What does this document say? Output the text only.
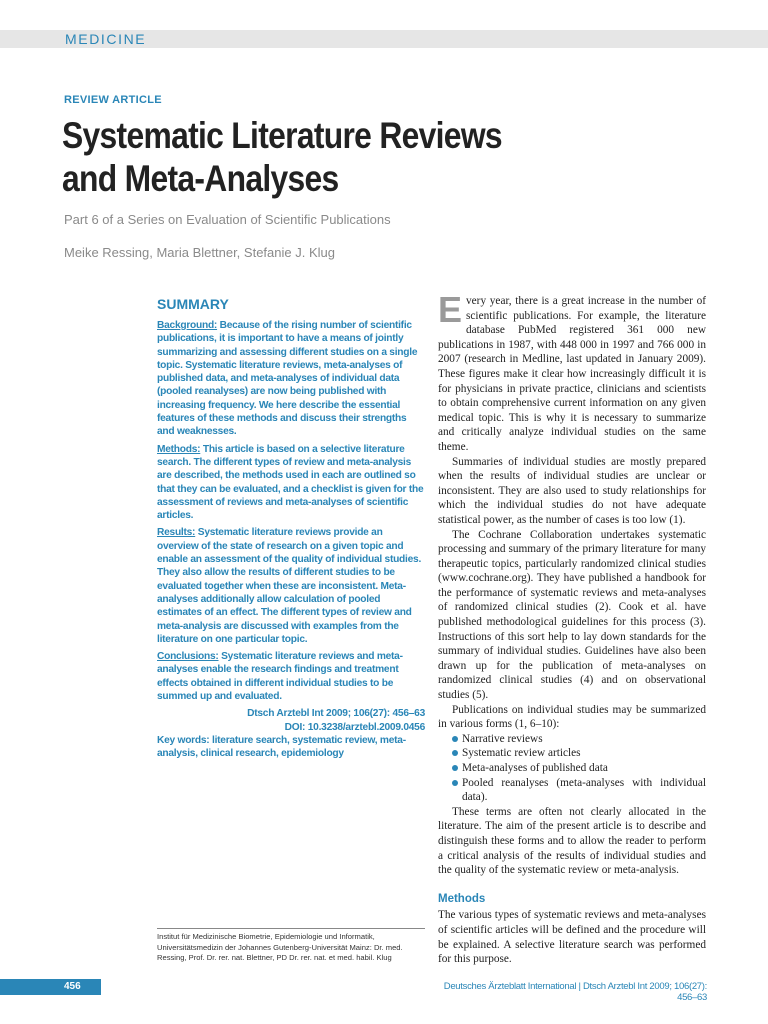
MEDICINE
REVIEW ARTICLE
Systematic Literature Reviews and Meta-Analyses
Part 6 of a Series on Evaluation of Scientific Publications
Meike Ressing, Maria Blettner, Stefanie J. Klug
SUMMARY

Background: Because of the rising number of scientific publications, it is important to have a means of jointly summarizing and assessing different studies on a single topic. Systematic literature reviews, meta-analyses of published data, and meta-analyses of individual data (pooled reanalyses) are now being published with increasing frequency. We here describe the essential features of these methods and discuss their strengths and weaknesses.

Methods: This article is based on a selective literature search. The different types of review and meta-analysis are described, the methods used in each are outlined so that they can be evaluated, and a checklist is given for the assessment of reviews and meta-analyses of scientific articles.

Results: Systematic literature reviews provide an overview of the state of research on a given topic and enable an assessment of the quality of individual studies. They also allow the results of different studies to be evaluated together when these are inconsistent. Meta-analyses additionally allow calculation of pooled estimates of an effect. The different types of review and meta-analysis are discussed with examples from the literature on one particular topic.

Conclusions: Systematic literature reviews and meta-analyses enable the research findings and treatment effects obtained in different individual studies to be summed up and evaluated.

Dtsch Arztebl Int 2009; 106(27): 456–63
DOI: 10.3238/arztebl.2009.0456

Key words: literature search, systematic review, meta-analysis, clinical research, epidemiology

Every year, there is a great increase in the number of scientific publications. For example, the literature database PubMed registered 361 000 new publications in 1987, with 448 000 in 1997 and 766 000 in 2007 (research in Medline, last updated in January 2009). These figures make it clear how increasingly difficult it is for physicians in private practice, clinicians and scientists to obtain comprehensive current information on any given medical topic. This is why it is necessary to summarize and critically analyze individual studies on the same theme.

Summaries of individual studies are mostly prepared when the results of individual studies are unclear or inconsistent. They are also used to study relationships for which the individual studies do not have adequate statistical power, as the number of cases is too low (1).

The Cochrane Collaboration undertakes systematic processing and summary of the primary literature for many therapeutic topics, particularly randomized clinical studies (www.cochrane.org). They have published a handbook for the performance of systematic reviews and meta-analyses of randomized clinical studies (2). Cook et al. have published methodological guidelines for this process (3). Instructions of this sort help to lay down standards for the summary of individual studies. Guidelines have also been drawn up for the publication of meta-analyses on randomized clinical studies (4) and on observational studies (5).

Publications on individual studies may be summarized in various forms (1, 6–10):

Narrative reviews
Systematic review articles
Meta-analyses of published data
Pooled reanalyses (meta-analyses with individual data).

These terms are often not clearly allocated in the literature. The aim of the present article is to describe and distinguish these forms and to allow the reader to perform a critical analysis of the results of individual studies and the quality of the systematic review or meta-analysis.

Methods

The various types of systematic reviews and meta-analyses of scientific articles will be defined and the procedure will be explained. A selective literature search was performed for this purpose.

Institut für Medizinische Biometrie, Epidemiologie und Informatik, Universitätsmedizin der Johannes Gutenberg-Universität Mainz: Dr. med. Ressing, Prof. Dr. rer. nat. Blettner, PD Dr. rer. nat. et med. habil. Klug
456	Deutsches Ärzteblatt International | Dtsch Arztebl Int 2009; 106(27): 456–63
